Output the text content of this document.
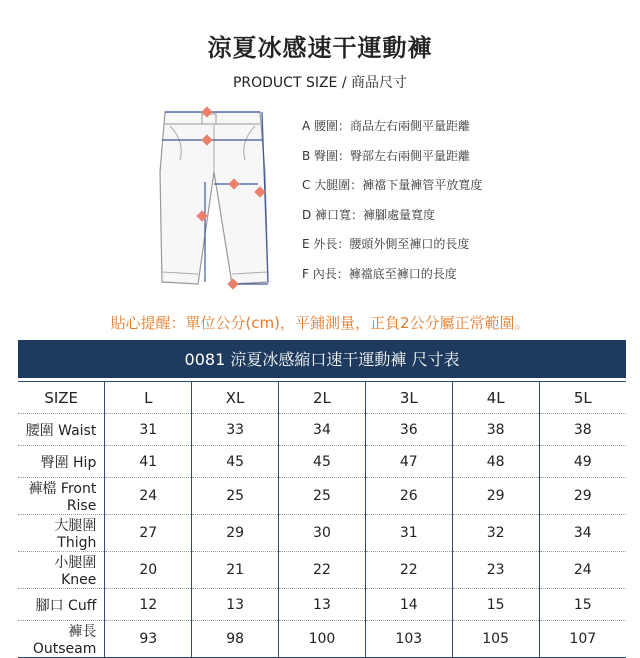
涼夏冰感速干運動褲
PRODUCT SIZE / 商品尺寸
A 腰圍：商品左右兩側平量距離
B 臀圍：臀部左右兩側平量距離
C 大腿圍：褲襠下量褲管平放寬度
D 褲口寬：褲腳處量寬度
E 外長：腰頭外側至褲口的長度
F 內長：褲襠底至褲口的長度
貼心提醒：單位公分(cm)，平鋪測量，正負2公分屬正常範圍。
0081 涼夏冰感縮口速干運動褲 尺寸表
SIZE	L	XL	2L	3L	4L	5L
腰圍 Waist	31	33	34	36	38	38
臀圍 Hip	41	45	45	47	48	49
褲檔 Front Rise	24	25	25	26	29	29
大腿圍 Thigh	27	29	30	31	32	34
小腿圍 Knee	20	21	22	22	23	24
腳口 Cuff	12	13	13	14	15	15
褲長 Outseam	93	98	100	103	105	107
